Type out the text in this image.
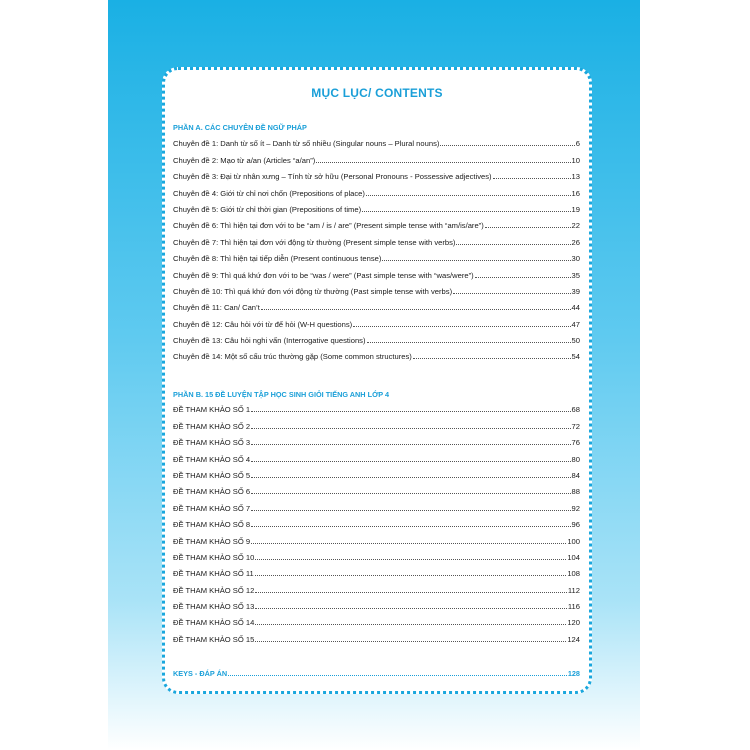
MỤC LỤC/ CONTENTS
PHẦN A. CÁC CHUYÊN ĐỀ NGỮ PHÁP
Chuyên đề 1: Danh từ số ít – Danh từ số nhiều (Singular nouns – Plural nouns)	6
Chuyên đề 2: Mạo từ a/an (Articles “a/an”)	10
Chuyên đề 3: Đại từ nhân xưng – Tính từ sở hữu (Personal Pronouns - Possessive adjectives)	13
Chuyên đề 4: Giới từ chỉ nơi chốn (Prepositions of place)	16
Chuyên đề 5: Giới từ chỉ thời gian (Prepositions of time)	19
Chuyên đề 6: Thì hiện tại đơn với to be “am / is / are” (Present simple tense with “am/is/are”)	22
Chuyên đề 7: Thì hiện tại đơn với động từ thường (Present simple tense with verbs)	26
Chuyên đề 8: Thì hiện tại tiếp diễn (Present continuous tense)	30
Chuyên đề 9: Thì quá khứ đơn với to be “was / were” (Past simple tense with “was/were”)	35
Chuyên đề 10: Thì quá khứ đơn với động từ thường (Past simple tense with verbs)	39
Chuyên đề 11: Can/ Can’t	44
Chuyên đề 12: Câu hỏi với từ để hỏi (W-H questions)	47
Chuyên đề 13: Câu hỏi nghi vấn (Interrogative questions)	50
Chuyên đề 14: Một số cấu trúc thường gặp (Some common structures)	54
PHẦN B. 15 ĐỀ LUYỆN TẬP HỌC SINH GIỎI TIẾNG ANH LỚP 4
ĐỀ THAM KHẢO SỐ 1	68
ĐỀ THAM KHẢO SỐ 2	72
ĐỀ THAM KHẢO SỐ 3	76
ĐỀ THAM KHẢO SỐ 4	80
ĐỀ THAM KHẢO SỐ 5	84
ĐỀ THAM KHẢO SỐ 6	88
ĐỀ THAM KHẢO SỐ 7	92
ĐỀ THAM KHẢO SỐ 8	96
ĐỀ THAM KHẢO SỐ 9	100
ĐỀ THAM KHẢO SỐ 10	104
ĐỀ THAM KHẢO SỐ 11	108
ĐỀ THAM KHẢO SỐ 12	112
ĐỀ THAM KHẢO SỐ 13	116
ĐỀ THAM KHẢO SỐ 14	120
ĐỀ THAM KHẢO SỐ 15	124
KEYS - ĐÁP ÁN	128
